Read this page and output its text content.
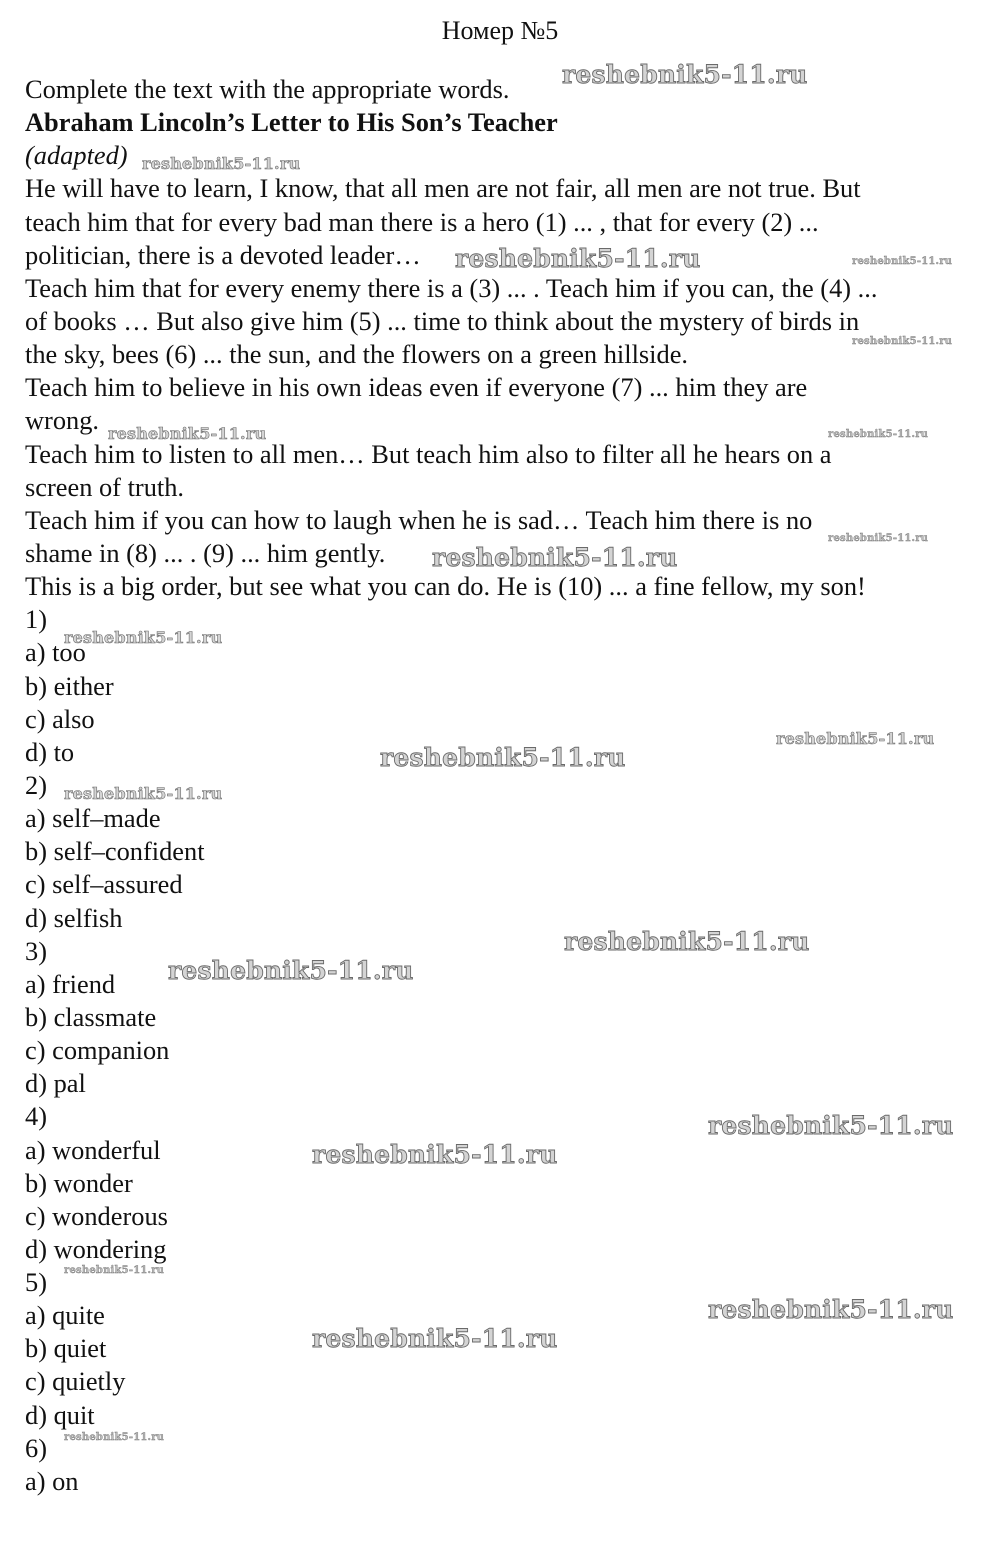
Номер №5
Complete the text with the appropriate words.
Abraham Lincoln’s Letter to His Son’s Teacher
(adapted)
He will have to learn, I know, that all men are not fair, all men are not true. But
teach him that for every bad man there is a hero (1) ... , that for every (2) ...
politician, there is a devoted leader…
Teach him that for every enemy there is a (3) ... . Teach him if you can, the (4) ...
of books … But also give him (5) ... time to think about the mystery of birds in
the sky, bees (6) ... the sun, and the flowers on a green hillside.
Teach him to believe in his own ideas even if everyone (7) ... him they are
wrong.
Teach him to listen to all men… But teach him also to filter all he hears on a
screen of truth.
Teach him if you can how to laugh when he is sad… Teach him there is no
shame in (8) ... . (9) ... him gently.
This is a big order, but see what you can do. He is (10) ... a fine fellow, my son!
1)
a) too
b) either
c) also
d) to
2)
a) self–made
b) self–confident
c) self–assured
d) selfish
3)
a) friend
b) classmate
c) companion
d) pal
4)
a) wonderful
b) wonder
c) wonderous
d) wondering
5)
a) quite
b) quiet
c) quietly
d) quit
6)
a) on
reshebnik5-11.ru
reshebnik5-11.ru
reshebnik5-11.ru	reshebnik5-11.ru
reshebnik5-11.ru
reshebnik5-11.ru	reshebnik5-11.ru
reshebnik5-11.ru
reshebnik5-11.ru
reshebnik5-11.ru
reshebnik5-11.ru
reshebnik5-11.ru
reshebnik5-11.ru
reshebnik5-11.ru
reshebnik5-11.ru
reshebnik5-11.ru
reshebnik5-11.ru
reshebnik5-11.ru
reshebnik5-11.ru
reshebnik5-11.ru
reshebnik5-11.ru
